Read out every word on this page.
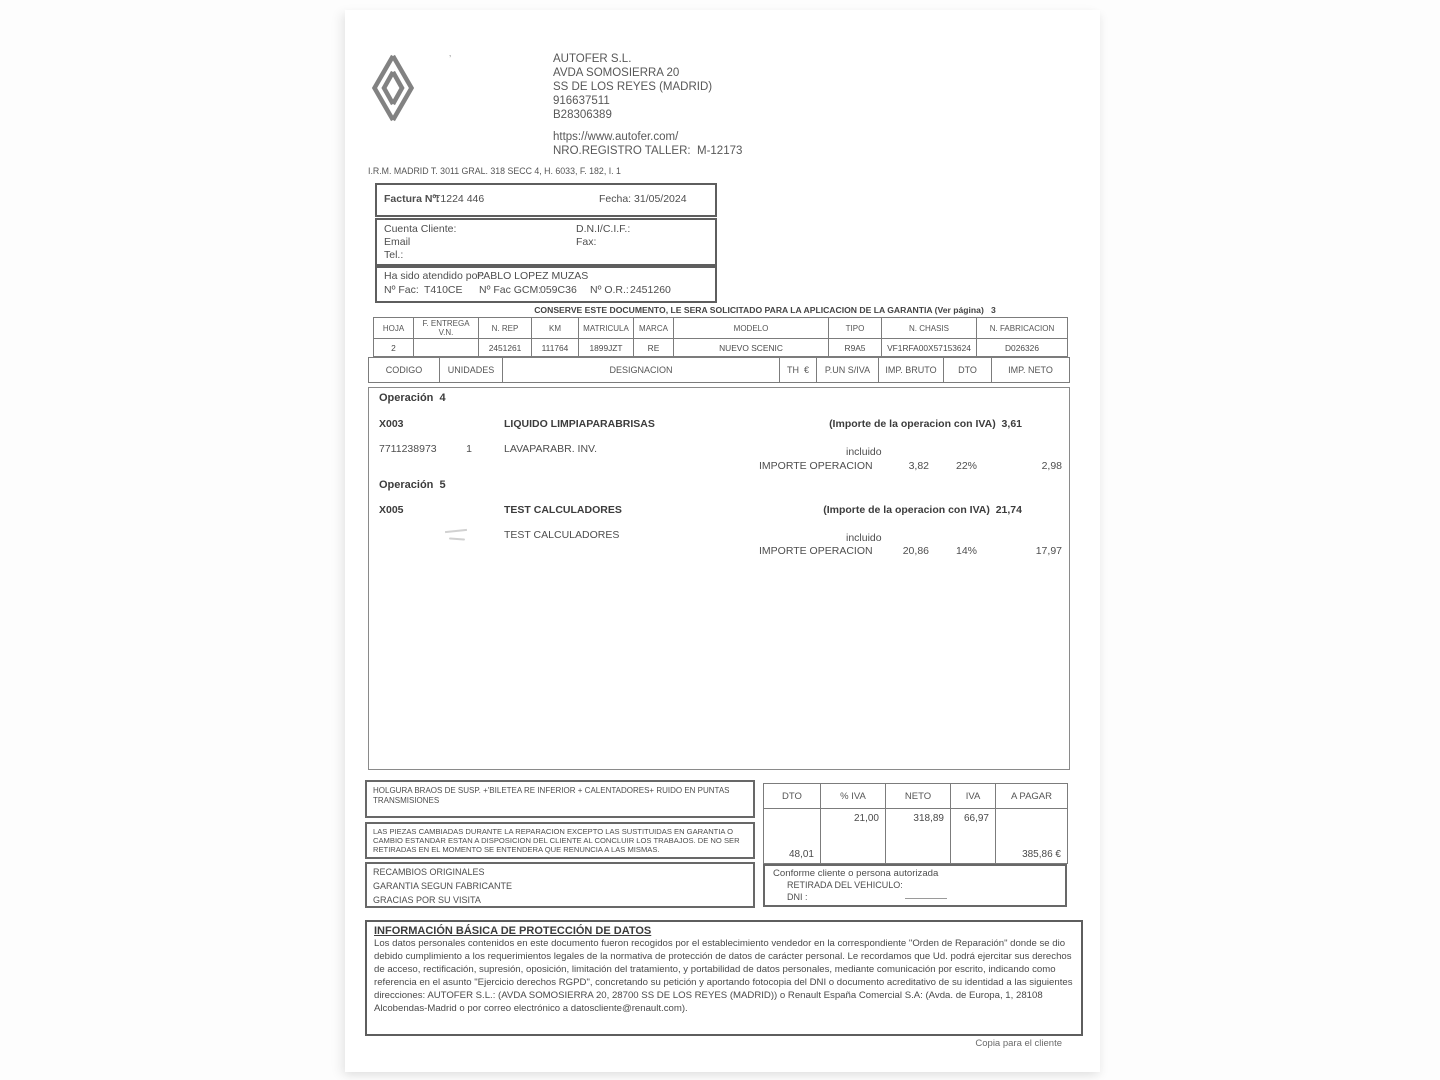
’	AUTOFER S.L.
AVDA SOMOSIERRA 20
SS DE LOS REYES (MADRID)
916637511
B28306389
https://www.autofer.com/
NRO.REGISTRO TALLER:  M-12173
I.R.M. MADRID T. 3011 GRAL. 318 SECC 4, H. 6033, F. 182, I. 1
Factura Nº:
T1224 446	Fecha: 31/05/2024
Cuenta Cliente:
Email
Tel.:
D.N.I/C.I.F.:
Fax:
Ha sido atendido por:
PABLO LOPEZ MUZAS
Nº Fac: T410CE Nº Fac GCM:
059C36 Nº O.R.: 2451260
CONSERVE ESTE DOCUMENTO, LE SERA SOLICITADO PARA LA APLICACION DE LA GARANTIA (Ver página)   3
HOJA	F. ENTREGA V.N.	N. REP	KM	MATRICULA	MARCA	MODELO	TIPO	N. CHASIS	N. FABRICACION
2		2451261	111764	1899JZT	RE	NUEVO SCENIC	R9A5	VF1RFA00X57153624	D026326
CODIGO	UNIDADES	DESIGNACION	TH  €	P.UN S/IVA	IMP. BRUTO	DTO	IMP. NETO
Operación  4
X003	LIQUIDO LIMPIAPARABRISAS	(Importe de la operacion con IVA)  3,61
7711238973	1	LAVAPARABR. INV.	incluido
IMPORTE OPERACION	3,82	22%	2,98
Operación  5
X005	TEST CALCULADORES	(Importe de la operacion con IVA)  21,74
TEST CALCULADORES	incluido
IMPORTE OPERACION	20,86	14%	17,97
HOLGURA BRAOS DE SUSP. +'BILETEA RE INFERIOR + CALENTADORES+ RUIDO EN PUNTAS TRANSMISIONES
LAS PIEZAS CAMBIADAS DURANTE LA REPARACION EXCEPTO LAS SUSTITUIDAS EN GARANTIA O CAMBIO ESTANDAR ESTAN A DISPOSICION DEL CLIENTE AL CONCLUIR LOS TRABAJOS. DE NO SER RETIRADAS EN EL MOMENTO SE ENTENDERA QUE RENUNCIA A LAS MISMAS.
RECAMBIOS ORIGINALES
GARANTIA SEGUN FABRICANTE
GRACIAS POR SU VISITA
DTO	% IVA	NETO	IVA	A PAGAR

48,01	21,00	318,89	66,97	385,86 €
Conforme cliente o persona autorizada
RETIRADA DEL VEHICULO:
DNI :
INFORMACIÓN BÁSICA DE PROTECCIÓN DE DATOS
Los datos personales contenidos en este documento fueron recogidos por el establecimiento vendedor en la correspondiente "Orden de Reparación" donde se dio debido cumplimiento a los requerimientos legales de la normativa de protección de datos de carácter personal. Le recordamos que Ud. podrá ejercitar sus derechos de acceso, rectificación, supresión, oposición, limitación del tratamiento, y portabilidad de datos personales, mediante comunicación por escrito, indicando como referencia en el asunto "Ejercicio derechos RGPD", concretando su petición y aportando fotocopia del DNI o documento acreditativo de su identidad a las siguientes direcciones: AUTOFER S.L.: (AVDA SOMOSIERRA 20, 28700 SS DE LOS REYES (MADRID)) o Renault España Comercial S.A: (Avda. de Europa, 1, 28108 Alcobendas-Madrid o por correo electrónico a datoscliente@renault.com).
Copia para el cliente
